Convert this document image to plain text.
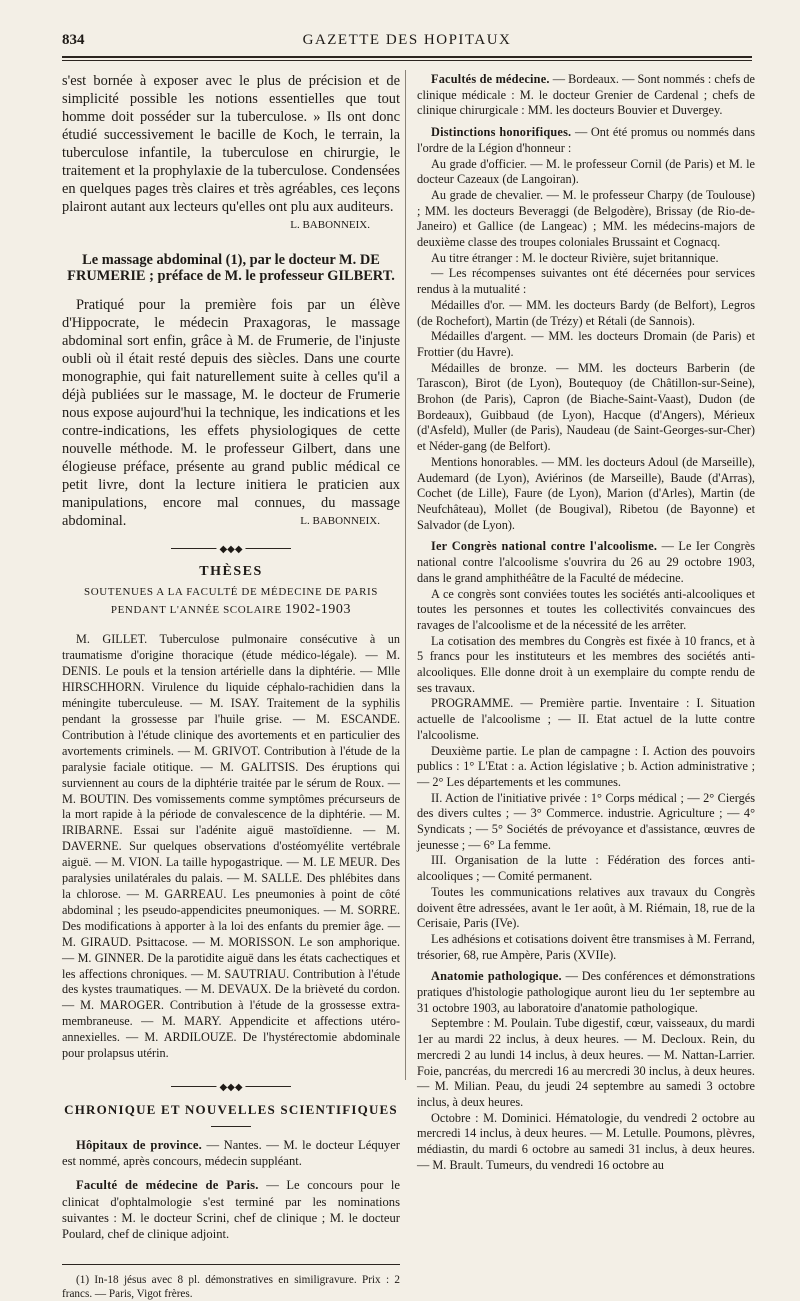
834	GAZETTE DES HOPITAUX

s'est bornée à exposer avec le plus de précision et de simplicité possible les notions essentielles que tout homme doit posséder sur la tuberculose. » Ils ont donc étudié successivement le bacille de Koch, le terrain, la tuberculose infantile, la tuberculose en chirurgie, le traitement et la prophylaxie de la tuberculose. Condensées en quelques pages très claires et très agréables, ces leçons plairont autant aux lecteurs qu'elles ont plu aux auditeurs.
L. BABONNEIX.

Le massage abdominal (1), par le docteur M. DE FRUMERIE ; préface de M. le professeur GILBERT.

Pratiqué pour la première fois par un élève d'Hippocrate, le médecin Praxagoras, le massage abdominal sort enfin, grâce à M. de Frumerie, de l'injuste oubli où il était resté depuis des siècles. Dans une courte monographie, qui fait naturellement suite à celles qu'il a déjà publiées sur le massage, M. le docteur de Frumerie nous expose aujourd'hui la technique, les indications et les contre-indications, les effets physiologiques de cette nouvelle méthode. M. le professeur Gilbert, dans une élogieuse préface, présente au grand public médical ce petit livre, dont la lecture initiera le praticien aux manipulations, encore mal connues, du massage abdominal.	L. BABONNEIX.

◆◆◆

THÈSES

SOUTENUES A LA FACULTÉ DE MÉDECINE DE PARIS

PENDANT L'ANNÉE SCOLAIRE 1902-1903

M. GILLET. Tuberculose pulmonaire consécutive à un traumatisme d'origine thoracique (étude médico-légale). — M. DENIS. Le pouls et la tension artérielle dans la diphtérie. — Mlle HIRSCHHORN. Virulence du liquide céphalo-rachidien dans la méningite tuberculeuse. — M. ISAY. Traitement de la syphilis pendant la grossesse par l'huile grise. — M. ESCANDE. Contribution à l'étude clinique des avortements et en particulier des avortements criminels. — M. GRIVOT. Contribution à l'étude de la paralysie faciale otitique. — M. GALITSIS. Des éruptions qui surviennent au cours de la diphtérie traitée par le sérum de Roux. — M. BOUTIN. Des vomissements comme symptômes précurseurs de la mort rapide à la période de convalescence de la diphtérie. — M. IRIBARNE. Essai sur l'adénite aiguë mastoïdienne. — M. DAVERNE. Sur quelques observations d'ostéomyélite vertébrale aiguë. — M. VION. La taille hypogastrique. — M. LE MEUR. Des paralysies unilatérales du palais. — M. SALLE. Des phlébites dans la chlorose. — M. GARREAU. Les pneumonies à point de côté abdominal ; les pseudo-appendicites pneumoniques. — M. SORRE. Des modifications à apporter à la loi des enfants du premier âge. — M. GIRAUD. Psittacose. — M. MORISSON. Le son amphorique. — M. GINNER. De la parotidite aiguë dans les états cachectiques et les affections chroniques. — M. SAUTRIAU. Contribution à l'étude des kystes traumatiques. — M. DEVAUX. De la brièveté du cordon. — M. MAROGER. Contribution à l'étude de la grossesse extra-membraneuse. — M. MARY. Appendicite et affections utéro-annexielles. — M. ARDILOUZE. De l'hystérectomie abdominale pour prolapsus utérin.

◆◆◆

CHRONIQUE ET NOUVELLES SCIENTIFIQUES

Hôpitaux de province. — Nantes. — M. le docteur Léquyer est nommé, après concours, médecin suppléant.

Faculté de médecine de Paris. — Le concours pour le clinicat d'ophtalmologie s'est terminé par les nominations suivantes : M. le docteur Scrini, chef de clinique ; M. le docteur Poulard, chef de clinique adjoint.

(1) In-18 jésus avec 8 pl. démonstratives en similigravure. Prix : 2 francs. — Paris, Vigot frères.

Facultés de médecine. — Bordeaux. — Sont nommés : chefs de clinique médicale : M. le docteur Grenier de Cardenal ; chefs de clinique chirurgicale : MM. les docteurs Bouvier et Duvergey.

Distinctions honorifiques. — Ont été promus ou nommés dans l'ordre de la Légion d'honneur :

Au grade d'officier. — M. le professeur Cornil (de Paris) et M. le docteur Cazeaux (de Langoiran).

Au grade de chevalier. — M. le professeur Charpy (de Toulouse) ; MM. les docteurs Beveraggi (de Belgodère), Brissay (de Rio-de-Janeiro) et Gallice (de Langeac) ; MM. les médecins-majors de deuxième classe des troupes coloniales Brussaint et Cognacq.

Au titre étranger : M. le docteur Rivière, sujet britannique.

— Les récompenses suivantes ont été décernées pour services rendus à la mutualité :

Médailles d'or. — MM. les docteurs Bardy (de Belfort), Legros (de Rochefort), Martin (de Trézy) et Rétali (de Sannois).

Médailles d'argent. — MM. les docteurs Dromain (de Paris) et Frottier (du Havre).

Médailles de bronze. — MM. les docteurs Barberin (de Tarascon), Birot (de Lyon), Boutequoy (de Châtillon-sur-Seine), Brohon (de Paris), Capron (de Biache-Saint-Vaast), Dudon (de Bordeaux), Guibbaud (de Lyon), Hacque (d'Angers), Mérieux (d'Asfeld), Muller (de Paris), Naudeau (de Saint-Georges-sur-Cher) et Néder-gang (de Belfort).

Mentions honorables. — MM. les docteurs Adoul (de Marseille), Audemard (de Lyon), Aviérinos (de Marseille), Baude (d'Arras), Cochet (de Lille), Faure (de Lyon), Marion (d'Arles), Martin (de Neufchâteau), Mollet (de Bougival), Ribetou (de Bayonne) et Salvador (de Lyon).

Ier Congrès national contre l'alcoolisme. — Le Ier Congrès national contre l'alcoolisme s'ouvrira du 26 au 29 octobre 1903, dans le grand amphithéâtre de la Faculté de médecine.

A ce congrès sont conviées toutes les sociétés anti-alcooliques et toutes les personnes et toutes les collectivités convaincues des ravages de l'alcoolisme et de la nécessité de les arrêter.

La cotisation des membres du Congrès est fixée à 10 francs, et à 5 francs pour les instituteurs et les membres des sociétés anti-alcooliques. Elle donne droit à un exemplaire du compte rendu de ses travaux.

PROGRAMME. — Première partie. Inventaire : I. Situation actuelle de l'alcoolisme ; — II. Etat actuel de la lutte contre l'alcoolisme.

Deuxième partie. Le plan de campagne : I. Action des pouvoirs publics : 1° L'Etat : a. Action législative ; b. Action administrative ; — 2° Les départements et les communes.

II. Action de l'initiative privée : 1° Corps médical ; — 2° Ciergés des divers cultes ; — 3° Commerce. industrie. Agriculture ; — 4° Syndicats ; — 5° Sociétés de prévoyance et d'assistance, œuvres de jeunesse ; — 6° La femme.

III. Organisation de la lutte : Fédération des forces anti-alcooliques ; — Comité permanent.

Toutes les communications relatives aux travaux du Congrès doivent être adressées, avant le 1er août, à M. Riémain, 18, rue de la Cerisaie, Paris (IVe).

Les adhésions et cotisations doivent être transmises à M. Ferrand, trésorier, 68, rue Ampère, Paris (XVIIe).

Anatomie pathologique. — Des conférences et démonstrations pratiques d'histologie pathologique auront lieu du 1er septembre au 31 octobre 1903, au laboratoire d'anatomie pathologique.

Septembre : M. Poulain. Tube digestif, cœur, vaisseaux, du mardi 1er au mardi 22 inclus, à deux heures. — M. Decloux. Rein, du mercredi 2 au lundi 14 inclus, à deux heures. — M. Nattan-Larrier. Foie, pancréas, du mercredi 16 au mercredi 30 inclus, à deux heures. — M. Milian. Peau, du jeudi 24 septembre au samedi 3 octobre inclus, à deux heures.

Octobre : M. Dominici. Hématologie, du vendredi 2 octobre au mercredi 14 inclus, à deux heures. — M. Letulle. Poumons, plèvres, médiastin, du mardi 6 octobre au samedi 31 inclus, à deux heures. — M. Brault. Tumeurs, du vendredi 16 octobre au
